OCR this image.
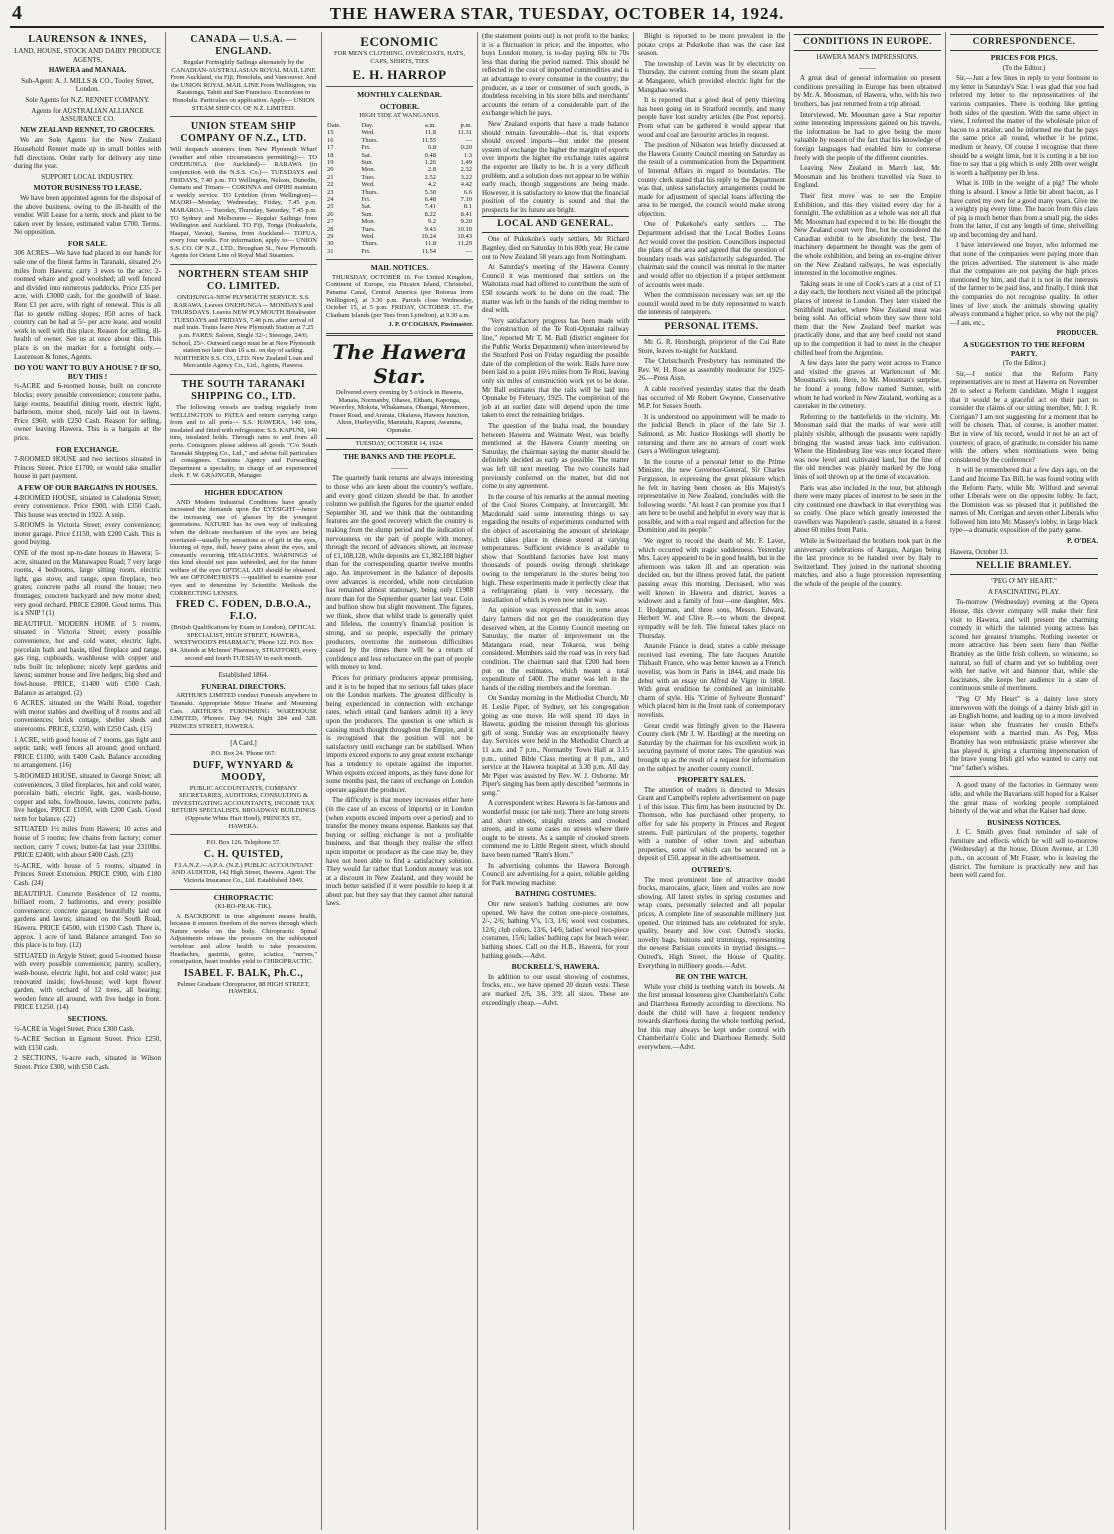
4	THE HAWERA STAR, TUESDAY, OCTOBER 14, 1924.
LAURENSON & INNES,

LAND, HOUSE, STOCK AND DAIRY PRODUCE AGENTS,

HAWERA and MANAIA.

Sub-Agent: A. J. MILLS & CO., Tooley Street, London.

Sole Agents for N.Z. RENNET COMPANY.

Agents for AUSTRALIAN ALLIANCE ASSURANCE CO.

NEW ZEALAND RENNET, TO GROCERS.

We are Sole Agents for the New Zealand Household Rennet made up in small bottles with full directions. Order early for delivery any time during the year.

SUPPORT LOCAL INDUSTRY.

MOTOR BUSINESS TO LEASE.

We have been appointed agents for the disposal of the above business, owing to the ill-health of the vendor. Will Lease for a term, stock and plant to be taken over by lessee, estimated value £700. Terms. No opposition.

FOR SALE.

306 ACRES—We have had placed in our hands for sale one of the finest farms in Taranaki, situated 2½ miles from Hawera; carry 3 ewes to the acre; 2-roomed whare and good woolshed; all well fenced and divided into numerous paddocks. Price £35 per acre, with £3000 cash, for the goodwill of lease. Rent £1 per acre, with right of renewal. This is all flat to gentle rolling slopes; 850 acres of back country can be had at 5/- per acre lease, and would work in well with this place. Reason for selling, ill-health of owner. See us at once about this. This place is on the market for a fortnight only.—Laurenson & Innes, Agents.

DO YOU WANT TO BUY A HOUSE ? IF SO, BUY THIS !

½-ACRE and 6-roomed house, built on concrete blocks; every possible convenience; concrete paths, large rooms, beautiful dining room, electric light, bathroom, motor shed, nicely laid out in lawns. Price £960, with £250 Cash. Reason for selling, owner leaving Hawera. This is a bargain at the price.

FOR EXCHANGE.

7-ROOMED HOUSE and two sections situated in Princes Street. Price £1700, or would take smaller house in part payment.

A FEW OF OUR BARGAINS IN HOUSES.

4-ROOMED HOUSE, situated in Caledonia Street; every convenience. Price £900, with £350 Cash. This house was erected in 1922. A snip.

5-ROOMS in Victoria Street; every convenience; motor garage. Price £1150, with £200 Cash. This is good buying.

ONE of the most up-to-date houses in Hawera; 5-acre, situated on the Manawapou Road; 7 very large rooms, 4 bedrooms, large sitting room, electric light, gas stove, and range, open fireplace, two grates; concrete paths all round the house; two frontages; concrete backyard and new motor shed; very good orchard. PRICE £2800. Good terms. This is a SNIP ! (1)

BEAUTIFUL MODERN HOME of 5 rooms, situated in Victoria Street; every possible convenience, hot and cold water, electric light, porcelain bath and basin, tiled fireplace and range, gas ring, cupboards, washhouse with copper and tubs built in; telephone; nicely kept gardens and lawns; summer house and live hedges; big shed and fowl-house. PRICE, £1400 with £500 Cash. Balance as arranged. (2)

6 ACRES, situated on the Waihi Road, together with motor stables and dwelling of 8 rooms and all conveniences; brick cottage, shelter sheds and storerooms. PRICE, £3250, with £250 Cash. (15)

1 ACRE, with good house of 7 rooms, gas light and septic tank; well fences all around; good orchard. PRICE £1100, with £400 Cash. Balance according to arrangement. (16)

5-ROOMED HOUSE, situated in George Street; all conveniences, 3 tiled fireplaces, hot and cold water, porcelain bath, electric light, gas, wash-house, copper and tubs, fowlhouse, lawns, concrete paths, live hedges. PRICE £1050, with £200 Cash. Good term for balance. (22)

SITUATED 1½ miles from Hawera; 10 acres and house of 5 rooms; few chains from factory; corner section; carry 7 cows; butter-fat last year 2310lbs. PRICE £2400, with about £400 Cash. (23)

½-ACRE, with house of 5 rooms, situated in Princes Street Extension. PRICE £900, with £180 Cash. (24)

BEAUTIFUL Concrete Residence of 12 rooms, billiard room, 2 bathrooms, and every possible convenience; concrete garage; beautifully laid out gardens and lawns; situated on the South Road, Hawera. PRICE £4500, with £1500 Cash. There is, approx. 1 acre of land. Balance arranged. Too so this place is to buy. (12)

SITUATED in Argyle Street; good 5-roomed house with every possible convenience; pantry, scullery, wash-house, electric light, hot and cold water; just renovated inside; fowl-house; well kept flower garden, with orchard of 12 trees, all bearing; wooden fence all around, with live hedge in front. PRICE £1250. (14)

SECTIONS.

½-ACRE in Vogel Street. Price £300 Cash.

½-ACRE Section in Egmont Street. Price £250, with £150 cash.

2 SECTIONS, ¼-acre each, situated in Wilson Street. Price £300, with £50 Cash.

CANADA — U.S.A. — ENGLAND.

Regular Fortnightly Sailings alternately by the CANADIAN-AUSTRALASIAN ROYAL MAIL LINE From Auckland, via Fiji, Honolulu, and Vancouver. And the UNION ROYAL MAIL LINE From Wellington, via Raratonga, Tahiti and San Francisco. Excursions to Honolulu. Particulars on application. Apply— UNION STEAM SHIP CO. OF N.Z. LIMITED.

UNION STEAM SHIP COMPANY OF N.Z., LTD.

Will despatch steamers from New Plymouth Wharf (weather and other circumstances permitting):— TO ONEHUNGA (for Auckland)— RARAWA (in conjunction with the N.S.S. Co.)— TUESDAYS and FRIDAYS, 7.40 p.m. TO Wellington, Nelson, Dunedin, Oamaru and Timaru— CORINNA and OPIHI maintain a weekly service. TO Lyttelton (from Wellington)— MAORI—Monday, Wednesday, Friday, 7.45 p.m. MARAROA — Tuesday, Thursday, Saturday, 7.45 p.m. TO Sydney and Melbourne— Regular Sailings from Wellington and Auckland. TO Fiji, Tonga (Nukualofa, Haapai, Vavau), Samoa, from Auckland— TOFUA, every four weeks. For information, apply to— UNION S.S. CO. OF N.Z., LTD., Broughan St., New Plymouth. Agents for Orient Line of Royal Mail Steamers.

NORTHERN STEAM SHIP CO. LIMITED.

ONEHUNGA-NEW PLYMOUTH SERVICE. S.S. RARAWA. Leaves ONEHUNGA— MONDAYS and THURSDAYS. Leaves NEW PLYMOUTH Breakwater TUESDAYS and FRIDAYS, 7.40 p.m. after arrival of mail train. Trains leave New Plymouth Station at 7.25 p.m. FARES: Saloon, Single 32/-; Steerage, 24/6; School, 25/-. Outward cargo must be at New Plymouth station not later than 10 a.m. on day of sailing. NORTHERN S.S. CO., LTD. New Zealand Loan and Mercantile Agency Co., Ltd., Agents, Hawera.

THE SOUTH TARANAKI SHIPPING CO., LTD.

The following vessels are trading regularly from WELLINGTON to PATEA and return carrying cargo from and to all ports— S.S. HAWERA, 140 tons, insulated and fitted with refrigerator. S.S. KAPUNI, 140 tons, insulated holds. Through rates to and from all ports. Consignors please address all goods "C/o South Taranaki Shipping Co., Ltd.," and advise full particulars of consignees. Customs Agency and Forwarding Department a speciality, in charge of an experienced clerk. F. W. GRAINGER, Manager.

HIGHER EDUCATION

AND Modern Industrial Conditions have greatly increased the demands upon the EYESIGHT—hence the increasing use of glasses by the youngest generations. NATURE has its own way of indicating when the delicate mechanism of the eyes are being overtaxed—usually by sensations as of grit in the eyes, blurring of type, dull, heavy pains about the eyes, and constantly recurring HEADACHES. WARNINGS of this kind should not pass unheeded, and for the future welfare of the eyes OPTICAL AID should be obtained. We are OPTOMETRISTS —qualified to examine your eyes and to determine by Scientific Methods the CORRECTING LENSES.

FRED C. FODEN, D.B.O.A., F.I.O.

(British Qualifications by Exam in London), OPTICAL SPECIALIST, HIGH STREET, HAWERA, WESTWOOD'S PHARMACY, 'Phone 122. P.O. Box 84. Attends at McInnes' Pharmacy, STRATFORD, every second and fourth TUESDAY in each month.

Established 1864.

FUNERAL DIRECTORS.

ARTHUR'S LIMITED conduct Funerals anywhere in Taranaki. Appropriate Motor Hearse and Mourning Cars. ARTHUR'S FURNISHING WAREHOUSE LIMITED, 'Phones: Day 94; Night 284 and 328. PRINCES STREET, HAWERA.

[A Card.]

P.O. Box 24. 'Phone 667.

DUFF, WYNYARD & MOODY,

PUBLIC ACCOUNTANTS, COMPANY SECRETARIES, AUDITORS, CONSULTING & INVESTIGATING ACCOUNTANTS, INCOME TAX RETURN SPECIALISTS. BROADWAY BUILDINGS (Opposite White Hart Hotel), PRINCES ST., HAWERA.

P.O. Box 126. Telephone 57.

C. H. QUISTED,

F.I.A.N.Z.—A.P.A. (N.Z.) PUBLIC ACCOUNTANT AND AUDITOR, 142 High Street, Hawera. Agent: The Victoria Insurance Co., Ltd. Established 1849.

CHIROPRACTIC

(KI-RO-PRAK-TIK).

A BACKBONE in true alignment means health, because it ensures freedom of the nerves through which Nature works on the body. Chiropractic Spinal Adjustments release the pressure on the subluxated vertebrae and allow health to take possession. Headaches, gastritis, goitre, sciatica, "nerves," constipation, heart troubles yield to CHIROPRACTIC.

ISABEL F. BALK, Ph.C.,

Palmer Graduate Chiropractor, 88 HIGH STREET, HAWERA.

ECONOMIC

FOR MEN'S CLOTHING, OVERCOATS, HATS, CAPS, SHIRTS, TIES

E. H. HARROP
MONTHLY CALENDAR.
OCTOBER.

HIGH TIDE AT WANGANUI.

Date.	Day.	a.m.	p.m.
15	Wed.	11.8	11.31
16	Thurs.	11.55	—
17	Fri.	0.8	0.20
18	Sat.	0.48	1.3
19	Sun.	1.26	1.49
20	Mon.	2.8	2.32
21	Tues.	2.52	3.22
22	Wed.	4.2	4.42
23	Thurs.	5.30	6.6
24	Fri.	6.48	7.10
25	Sat.	7.41	8.1
26	Sun.	8.22	8.41
27	Mon.	9.2	9.20
28	Tues.	9.43	10.10
29	Wed.	10.24	10.43
30	Thurs.	11.8	11.29
31	Fri.	11.54	—
MAIL NOTICES.

THURSDAY, OCTOBER 16. For United Kingdom, Continent of Europe, via Pitcairn Island, Christobel, Panama Canal, Central America (per Rotorua from Wellington), at 3.30 p.m. Parcels close Wednesday, October 15, at 5 p.m. FRIDAY, OCTOBER 17. For Chatham Islands (per Tees from Lyttelton), at 9.30 a.m.

J. P. O'COGHAN, Postmaster.

The Hawera Star.

Delivered every evening by 5 o'clock in Hawera, Manaia, Normanby, Ohawe, Eltham, Kaponga, Waverley, Mokoia, Whakamara, Ohangai, Meremere, Fraser Road, and Ararata, Okaiawa, Hawera Junction, Alton, Hurleyville, Manutahi, Kapuni, Awatuna, Opunake.

TUESDAY, OCTOBER 14, 1924.
THE BANKS AND THE PEOPLE.
⸻

The quarterly bank returns are always interesting to those who are keen about the country's welfare, and every good citizen should be that. In another column we publish the figures for the quarter ended September 30, and we think that the outstanding features are the good recovery which the country is making from the slump period and the indication of nervousness on the part of people with money, through the record of advances shown, an increase of £1,108,128, while deposits are £1,382,188 higher than for the corresponding quarter twelve months ago. An improvement in the balance of deposits over advances is recorded, while note circulation has remained almost stationary, being only £1988 more than for the September quarter last year. Coin and bullion show but slight movement. The figures, we think, show that whilst trade is generally quiet and lifeless, the country's financial position is strong, and so people, especially the primary producers, overcome the numerous difficulties caused by the times there will be a return of confidence and less reluctance on the part of people with money to lend.

Prices for primary producers appear promising, and it is to be hoped that no serious fall takes place on the London markets. The greatest difficulty is being experienced in connection with exchange rates, which entail (and bankers admit it) a levy upon the producers. The question is one which is causing much thought throughout the Empire, and it is recognised that the position will not be satisfactory until exchange can be stabilised. When imports exceed exports to any great extent exchange has a tendency to operate against the importer. When exports exceed imports, as they have done for some months past, the rates of exchange on London operate against the producer.

The difficulty is that money increases either here (in the case of an excess of imports) or in London (when exports exceed imports over a period) and to transfer the money means expense. Bankers say that buying or selling exchange is not a profitable business, and that though they realise the effect upon importer or producer as the case may be, they have not been able to find a satisfactory solution. They would far rather that London money was not at a discount in New Zealand, and they would be much better satisfied if it were possible to keep it at about par, but they say that they cannot alter natural laws.

(the statement points out) is not profit to the banks; it is a fluctuation in price; and the importer, who buys London money, is to-day paying 60s to 70s less than during the period named. This should be reflected in the cost of imported commodities and is an advantage to every consumer in the country; the producer, as a user or consumer of such goods, is doubtless receiving in his store bills and merchants' accounts the return of a considerable part of the exchange which he pays.

New Zealand exports that have a trade balance should remain favourable—that is, that exports should exceed imports—but under the present system of exchange the higher the margin of exports over imports the higher the exchange rates against the exporter are likely to be. It is a very difficult problem, and a solution does not appear to be within early reach, though suggestions are being made. However, it is satisfactory to know that the financial position of the country is sound and that the prospects for its future are bright.

LOCAL AND GENERAL.

One of Pukekohe's early settlers, Mr Richard Bagnley, died on Saturday in his 80th year. He came out to New Zealand 58 years ago from Nottingham.

At Saturday's meeting of the Hawera County Council it was mentioned that settlers on the Waitotara road had offered to contribute the sum of £50 towards work to be done on the road. The matter was left in the hands of the riding member to deal with.

"Very satisfactory progress has been made with the construction of the Te Roti-Opunake railway line," reported Mr T. M. Ball (district engineer for the Public Works Department) when interviewed by the Stratford Post on Friday regarding the possible date of the completion of the work. Rails have now been laid to a point 16½ miles from Te Roti, leaving only six miles of construction work yet to be done. Mr Ball estimates that the rails will be laid into Opunake by February, 1925. The completion of the job at an earlier date will depend upon the time taken to erect the remaining bridges.

The question of the Inaha road, the boundary between Hawera and Waimate West, was briefly mentioned at the Hawera County meeting on Saturday, the chairman saying the matter should be definitely decided as early as possible. The matter was left till next meeting. The two councils had previously conferred on the matter, but did not come to any agreement.

In the course of his remarks at the annual meeting of the Cool Stores Company, at Invercargill, Mr. Macdonald said some interesting things to say regarding the results of experiments conducted with the object of ascertaining the amount of shrinkage which takes place in cheese stored at varying temperatures. Sufficient evidence is available to show that Southland factories have lost many thousands of pounds owing through shrinkage owing to the temperature in the stores being too high. These experiments made it perfectly clear that a refrigerating plant is very necessary, the installation of which is even now under way.

An opinion was expressed that in some areas dairy farmers did not get the consideration they deserved when, at the County Council meeting on Saturday, the matter of improvement on the Matangara road, near Tokaroa, was being considered. Members said the road was in very bad condition. The chairman said that £200 had been put on the estimates, which meant a total expenditure of £400. The matter was left in the hands of the riding members and the foreman.

On Sunday morning in the Methodist Church, Mr H. Leslie Piper, of Sydney, set his congregation going as one move. He will spend 10 days in Hawera, guiding the mission through his glorious gift of song. Sunday was an exceptionally heavy day. Services were held in the Methodist Church at 11 a.m. and 7 p.m., Normanby Town Hall at 3.15 p.m., united Bible Class meeting at 8 p.m., and service at the Hawera hospital at 3.30 p.m. All day Mr Piper was assisted by Rev. W. J. Oxborne. Mr Piper's singing has been aptly described "sermons in song."

A correspondent writes: Hawera is far-famous and wonderful music (or tale not). There are long streets and short streets, straight streets and crooked streets, and in some cases no streets where there ought to be streets. As a sample of crooked streets commend me to Little Regent street, which should have been named "Ram's Horn."

In advertising columns the Hawera Borough Council are advertising for a quiet, reliable gelding for Park mowing machine.

BATHING COSTUMES.

Our new season's bathing costumes are now opened. We have the cotton one-piece costumes, 2/-, 2/6; bathing V's, 1/3, 1/6; wool vest costumes, 12/6; club colors, 13/6, 14/6; ladies' wool two-piece costumes, 15/6; ladies' bathing caps for beach wear; bathing shoes. Call on the H.B., Hawera, for your bathing goods.—Advt.

BUCKRELL'S, HAWERA.

In addition to our usual showing of costumes, frocks, etc., we have opened 20 dozen vests. These are marked 2/6, 3/6, 3/9; all sizes. These are exceedingly cheap.—Advt.

Blight is reported to be more prevalent in the potato crops at Pukekohe than was the case last season.

The township of Levin was lit by electricity on Thursday, the current coming from the steam plant at Mangaore, which provided electric light for the Mangahao works.

It is reported that a good deal of petty thieving has been going on in Stratford recently, and many people have lost sundry articles (the Post reports). Prom what can be gathered it would appear that wood and coal are favourite articles in request.

The position of Nilsaton was briefly discussed at the Hawera County Council meeting on Saturday as the result of a communication from the Department of Internal Affairs in regard to boundaries. The county clerk stated that his reply to the Department was that, unless satisfactory arrangements could be made for adjustment of special loans affecting the area to be merged, the council would make strong objection.

One of Pukekohe's early settlers ... The Department advised that the Local Bodies Loans Act would cover the position. Councillors inspected the plans of the area and agreed that the question of boundary roads was satisfactorily safeguarded. The chairman said the council was neutral in the matter and would offer no objection if a proper settlement of accounts were made.

When the commission necessary was set up the council would need to be duly represented to watch the interests of ratepayers.

PERSONAL ITEMS.

Mr. G. R. Horsburgh, proprietor of the Cui Rate Store, leaves to-night for Auckland.

The Christchurch Presbytery has nominated the Rev. W. H. Rose as assembly moderator for 1925-26.—Press Assn.

A cable received yesterday states that the death has occurred of Mr Robert Gwynne, Conservative M.P. for Sussex South.

It is understood no appointment will be made to the judicial Bench in place of the late Sir J. Salmond, as Mr. Justice Hoskings will shortly be returning and there are no arrears of court work (says a Wellington telegram).

In the course of a personal letter to the Prime Minister, the new Governor-General, Sir Charles Fergusson, in expressing the great pleasure which he felt in having been chosen as His Majesty's representative in New Zealand, concludes with the following words: "At least I can promise you that I am here to be useful and helpful in every way that is possible, and with a real regard and affection for the Dominion and its people."

We regret to record the death of Mr. F. Laver, which occurred with tragic suddenness. Yesterday Mrs. Lacey appeared to be in good health, but in the afternoon was taken ill and an operation was decided on, but the illness proved fatal, the patient passing away this morning. Deceased, who was well known in Hawera and district, leaves a widower and a family of four—one daughter, Mrs. J. Hodgeman, and three sons, Messrs. Edward, Herbert W. and Clive R.—to whom the deepest sympathy will be felt. The funeral takes place on Thursday.

Anatole France is dead, states a cable message received last evening. The late Jacques Anatole Thibault France, who was better known as a French novelist, was born in Paris in 1844, and made his debut with an essay on Alfred de Vigny in 1868. With great erudition he combined an inimitable charm of style. His "Crime of Sylvestre Bonnard" which placed him in the front rank of contemporary novelists.

Great credit was fittingly given to the Hawera County clerk (Mr J. W. Harding) at the meeting on Saturday by the chairman for his excellent work in securing payment of motor rates. The question was brought up as the result of a request for information on the subject by another county council.

PROPERTY SALES.

The attention of readers is directed to Messrs Grant and Campbell's replete advertisement on page 1 of this issue. This firm has been instructed by Dr. Thomson, who has purchased other property, to offer for sale his property in Princes and Regent streets. Full particulars of the property, together with a number of other town and suburban properties, some of which can be secured on a deposit of £50, appear in the advertisement.

OUTRED'S.

The most prominent line of attractive model frocks, marocains, glace, linen and voiles are now showing. All latest styles in spring costumes and wrap coats, personally selected and all popular prices. A complete line of seasonable millinery just opened. Our trimmed hats are celebrated for style, quality, beauty and low cost. Outred's stocks, novelty bags, buttons and trimmings, representing the newest Parisian conceits in myriad designs.—Outred's, High Street, the House of Quality. Everything in millinery goods.—Advt.

BE ON THE WATCH.

While your child is teething watch its bowels. At the first unusual looseness give Chamberlain's Colic and Diarrhoea Remedy according to directions. No doubt the child will have a frequent tendency towards diarrhoea during the whole teething period, but this may always be kept under control with Chamberlain's Colic and Diarrhoea Remedy. Sold everywhere.—Advt.

CONDITIONS IN EUROPE.

HAWERA MAN'S IMPRESSIONS.

⸻

A great deal of general information on present conditions prevailing in Europe has been obtained by Mr. A. Moosman, of Hawera, who, with his two brothers, has just returned from a trip abroad.

Interviewed, Mr. Moosman gave a Star reporter some interesting impressions gained on his travels, the information he had to give being the more valuable by reason of the fact that his knowledge of foreign languages had enabled him to converse freely with the people of the different countries.

Leaving New Zealand in March last, Mr. Moosman and his brothers travelled via Suez to England.

Their first move was to see the Empire Exhibition, and this they visited every day for a fortnight. The exhibition as a whole was not all that Mr. Moosman had expected it to be. He thought the New Zealand court very fine, but he considered the Canadian exhibit to be absolutely the best. The machinery department he thought was the gem of the whole exhibition, and being an ex-engine driver on the New Zealand railways, he was especially interested in the locomotive engines.

Taking seats in one of Cook's cars at a cost of £1 a day each, the brothers next visited all the principal places of interest in London. They later visited the Smithfield market, where New Zealand meat was being sold. An official whom they saw there told them that the New Zealand beef market was practically done, and that any beef could not stand up to the competition it had to meet in the cheaper chilled beef from the Argentine.

A few days later the party went across to France and visited the graves at Warlencourt of Mr. Moosman's son. Here, to Mr. Moosman's surprise, he found a young fellow named Sumner, with whom he had worked in New Zealand, working as a caretaker in the cemetery.

Referring to the battlefields in the vicinity, Mr. Moosman said that the marks of war were still plainly visible, although the peasants were rapidly bringing the wasted areas back into cultivation. Where the Hindenburg line was once located there was now level and cultivated land, but the line of the old trenches was plainly marked by the long lines of soil thrown up at the time of excavation.

Paris was also included in the tour, but although there were many places of interest to be seen in the city continued one drawback in that everything was so costly. One place which greatly interested the travellers was Napoleon's castle, situated in a forest about 60 miles from Paris.

While in Switzerland the brothers took part in the anniversary celebrations of Aargau, Aargau being the last province to be handed over by Italy to Switzerland. They joined in the national shooting matches, and also a huge procession representing the whole of the people of the country.

CORRESPONDENCE.
PRICES FOR PIGS.

(To the Editor.)

Sir,—Just a few lines in reply to your footnote to my letter in Saturday's Star. I was glad that you had referred my letter to the representatives of the various companies. There is nothing like getting both sides of the question. With the same object in view, I referred the matter of the wholesale price of bacon to a retailer, and he informed me that he pays the same price all round, whether it be prime, medium or heavy. Of course I recognise that there should be a weight limit, but it is cutting it a bit too fine to say that a pig which is only 20lb over weight is worth a halfpenny per lb less.

What is 10lb in the weight of a pig? The whole thing is absurd. I know a little bit about bacon, as I have cured my own for a good many years. Give me a weighty pig every time. The bacon from this class of pig is much better than from a small pig, the sides from the latter, if cut any length of time, shrivelling up and becoming dry and hard.

I have interviewed one buyer, who informed me that none of the companies were paying more than the prices advertised. The statement is also made that the companies are not paying the high prices mentioned by him, and that it is not in the interests of the farmer to be paid less, and finally, I think that the companies do not recognise quality. In other lines of live stock the animals showing quality always command a higher price, so why not the pig?—I am, etc.,

PRODUCER.

A SUGGESTION TO THE REFORM PARTY.

(To the Editor.)

Sir,—I notice that the Reform Party representatives are to meet at Hawera on November 28 to select a Reform candidate. Might I suggest that it would be a graceful act on their part to consider the claims of our sitting member, Mr. J. R. Corrigan? I am not suggesting for a moment that he will be chosen. That, of course, is another matter. But in view of his record, would it not be an act of courtesy, of grace, of gratitude, to consider his name with the others when nominations were being considered by the conference?

It will be remembered that a few days ago, on the Land and Income Tax Bill, he was found voting with the Reform Party, while Mr. Wilford and several other Liberals were on the opposite lobby. In fact, the Dominion was so pleased that it published the names of Mr. Corrigan and seven other Liberals who followed him into Mr. Massey's lobby, in large black type—a dramatic exposition of the party game.

P. O'DEA.

Hawera, October 13.

NELLIE BRAMLEY.

"PEG O' MY HEART."

A FASCINATING PLAY.

To-morrow (Wednesday) evening at the Opera House, this clever company will make their first visit to Hawera, and will present the charming comedy in which the talented young actress has scored her greatest triumphs. Nothing sweeter or more attractive has been seen here than Nellie Bramley as the little Irish colleen, so winsome, so natural, so full of charm and yet so bubbling over with her native wit and humour that, while she fascinates, she keeps her audience in a state of continuous smile of merriment.

"Peg O' My Heart" is a dainty love story interwoven with the doings of a dainty Irish girl in an English home, and leading up to a more involved issue when she frustrates her cousin Ethel's elopement with a married man. As Peg, Miss Bramley has won enthusiastic praise wherever she has played it, giving a charming impersonation of the brave young Irish girl who wanted to carry out "me" father's wishes.

A good many of the factories in Germany were idle, and while the Bavarians still hoped for a Kaiser the great mass of working people complained bitterly of the war and what the Kaiser had done.

BUSINESS NOTICES.

J. C. Smith gives final reminder of sale of furniture and effects which he will sell to-morrow (Wednesday) at the house, Dixon Avenue, at 1.30 p.m., on account of Mr Fraser, who is leaving the district. The furniture is practically new and has been well cared for.
